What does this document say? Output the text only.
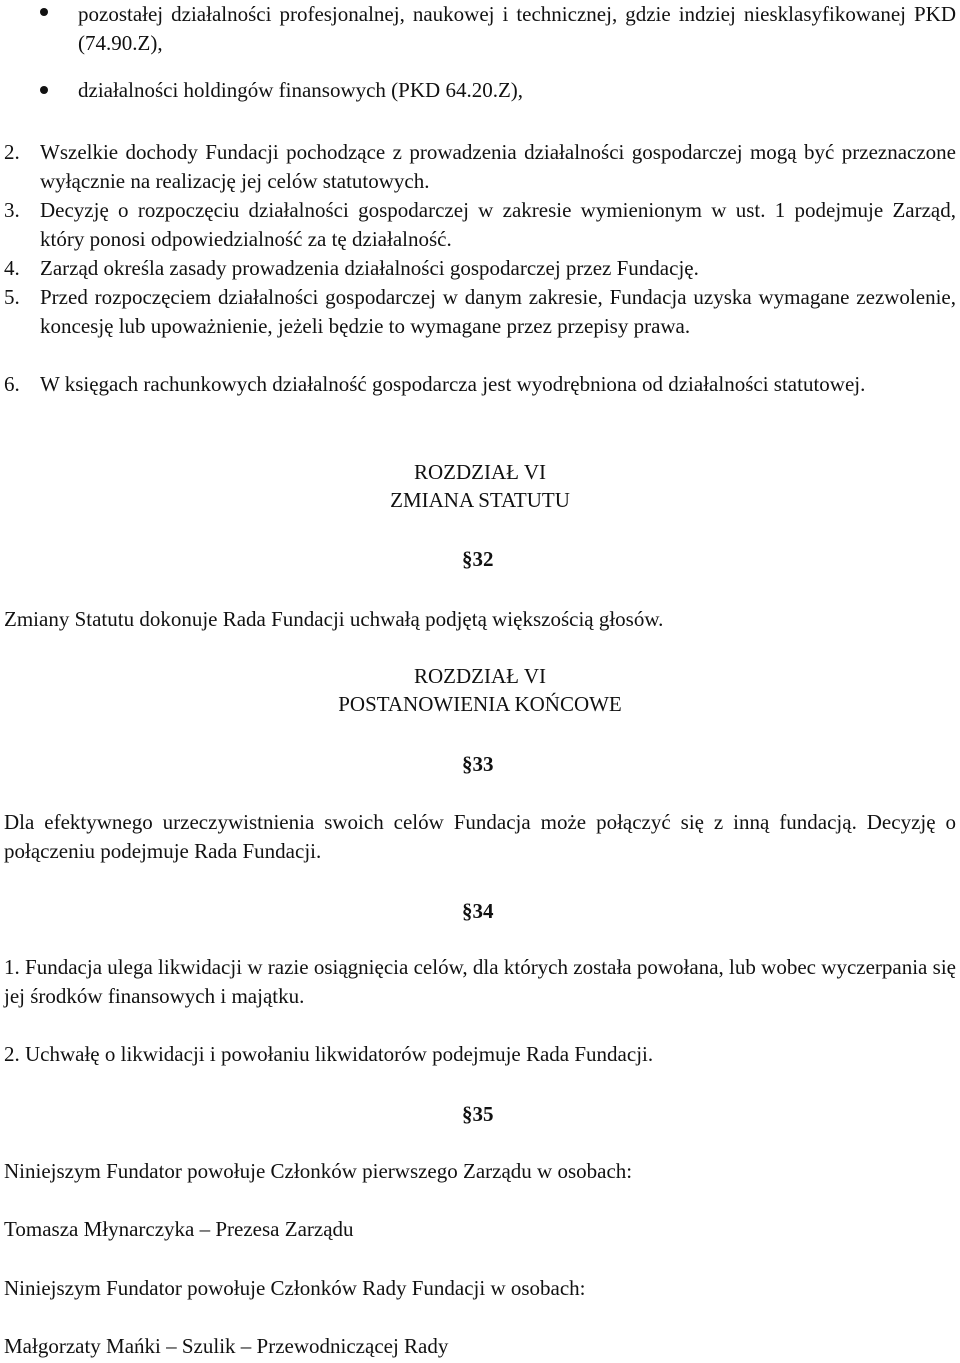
pozostałej działalności profesjonalnej, naukowej i technicznej, gdzie indziej niesklasyfikowanej PKD (74.90.Z),

działalności holdingów finansowych (PKD 64.20.Z),

2. Wszelkie dochody Fundacji pochodzące z prowadzenia działalności gospodarczej mogą być przeznaczone wyłącznie na realizację jej celów statutowych.

3. Decyzję o rozpoczęciu działalności gospodarczej w zakresie wymienionym w ust. 1 podejmuje Zarząd, który ponosi odpowiedzialność za tę działalność.

4. Zarząd określa zasady prowadzenia działalności gospodarczej przez Fundację.

5. Przed rozpoczęciem działalności gospodarczej w danym zakresie, Fundacja uzyska wymagane zezwolenie, koncesję lub upoważnienie, jeżeli będzie to wymagane przez przepisy prawa.

6. W księgach rachunkowych działalność gospodarcza jest wyodrębniona od działalności statutowej.

ROZDZIAŁ VI

ZMIANA STATUTU

§32

Zmiany Statutu dokonuje Rada Fundacji uchwałą podjętą większością głosów.

ROZDZIAŁ VI

POSTANOWIENIA KOŃCOWE

§33

Dla efektywnego urzeczywistnienia swoich celów Fundacja może połączyć się z inną fundacją. Decyzję o połączeniu podejmuje Rada Fundacji.

§34

1. Fundacja ulega likwidacji w razie osiągnięcia celów, dla których została powołana, lub wobec wyczerpania się jej środków finansowych i majątku.

2. Uchwałę o likwidacji i powołaniu likwidatorów podejmuje Rada Fundacji.

§35

Niniejszym Fundator powołuje Członków pierwszego Zarządu w osobach:

Tomasza Młynarczyka – Prezesa Zarządu

Niniejszym Fundator powołuje Członków Rady Fundacji w osobach:

Małgorzaty Mańki – Szulik – Przewodniczącej Rady
